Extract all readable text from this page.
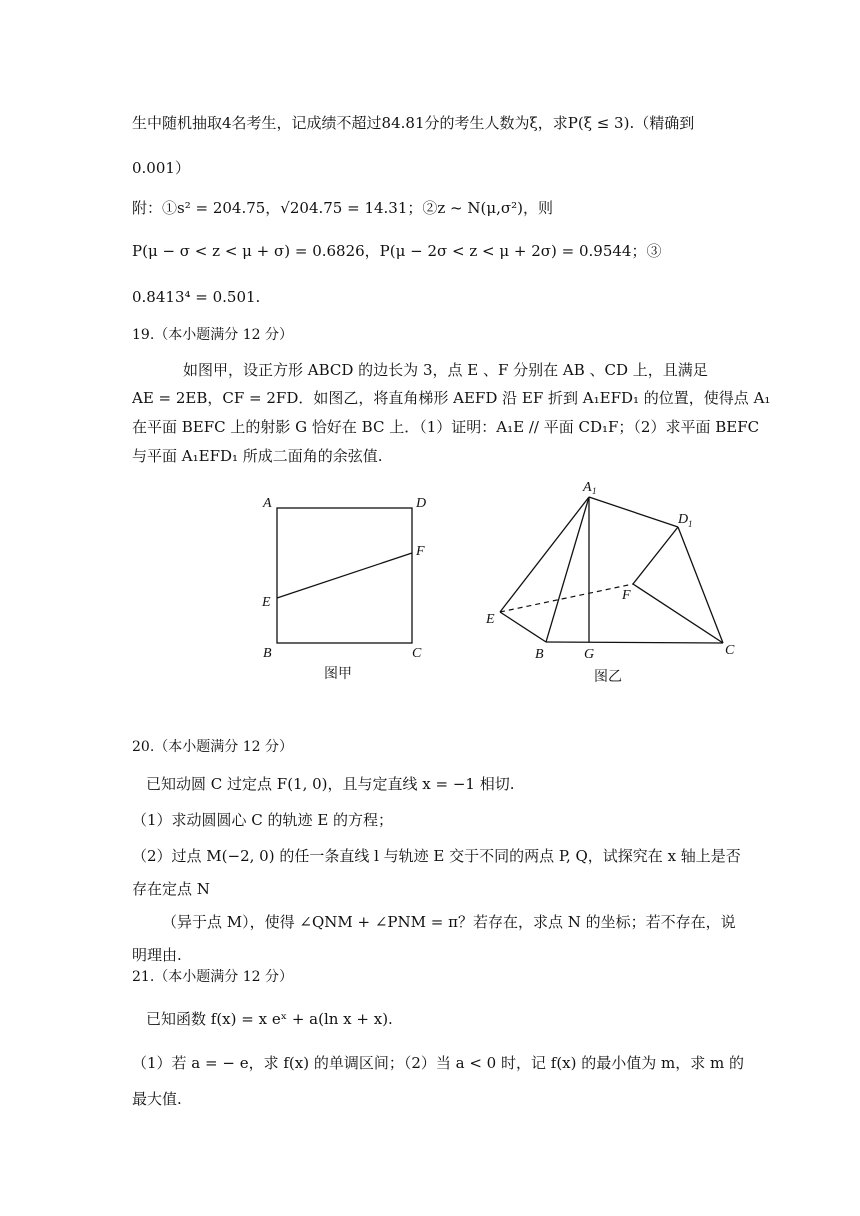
生中随机抽取4名考生，记成绩不超过84.81分的考生人数为ξ，求P(ξ ≤ 3).（精确到
0.001）
附：①s² = 204.75，√204.75 = 14.31；②z ~ N(μ,σ²)，则
P(μ − σ < z < μ + σ) = 0.6826，P(μ − 2σ < z < μ + 2σ) = 0.9544；③
0.8413⁴ = 0.501.
19.（本小题满分 12 分）
如图甲，设正方形 ABCD 的边长为 3，点 E 、F 分别在 AB 、CD 上，且满足
AE = 2EB，CF = 2FD．如图乙，将直角梯形 AEFD 沿 EF 折到 A₁EFD₁ 的位置，使得点 A₁
在平面 BEFC 上的射影 G 恰好在 BC 上．（1）证明：A₁E // 平面 CD₁F；（2）求平面 BEFC
与平面 A₁EFD₁ 所成二面角的余弦值.
A	D
E
F
B	C
图甲
A 1
D 1
E
F
B	G	C
图乙
20.（本小题满分 12 分）
已知动圆 C 过定点 F(1, 0)，且与定直线 x = −1 相切.
（1）求动圆圆心 C 的轨迹 E 的方程；
（2）过点 M(−2, 0) 的任一条直线 l 与轨迹 E 交于不同的两点 P, Q，试探究在 x 轴上是否
存在定点 N
（异于点 M），使得 ∠QNM + ∠PNM = π？若存在，求点 N 的坐标；若不存在，说
明理由.
21.（本小题满分 12 分）
已知函数 f(x) = x eˣ + a(ln x + x).
（1）若 a = − e，求 f(x) 的单调区间；（2）当 a < 0 时，记 f(x) 的最小值为 m，求 m 的
最大值.
